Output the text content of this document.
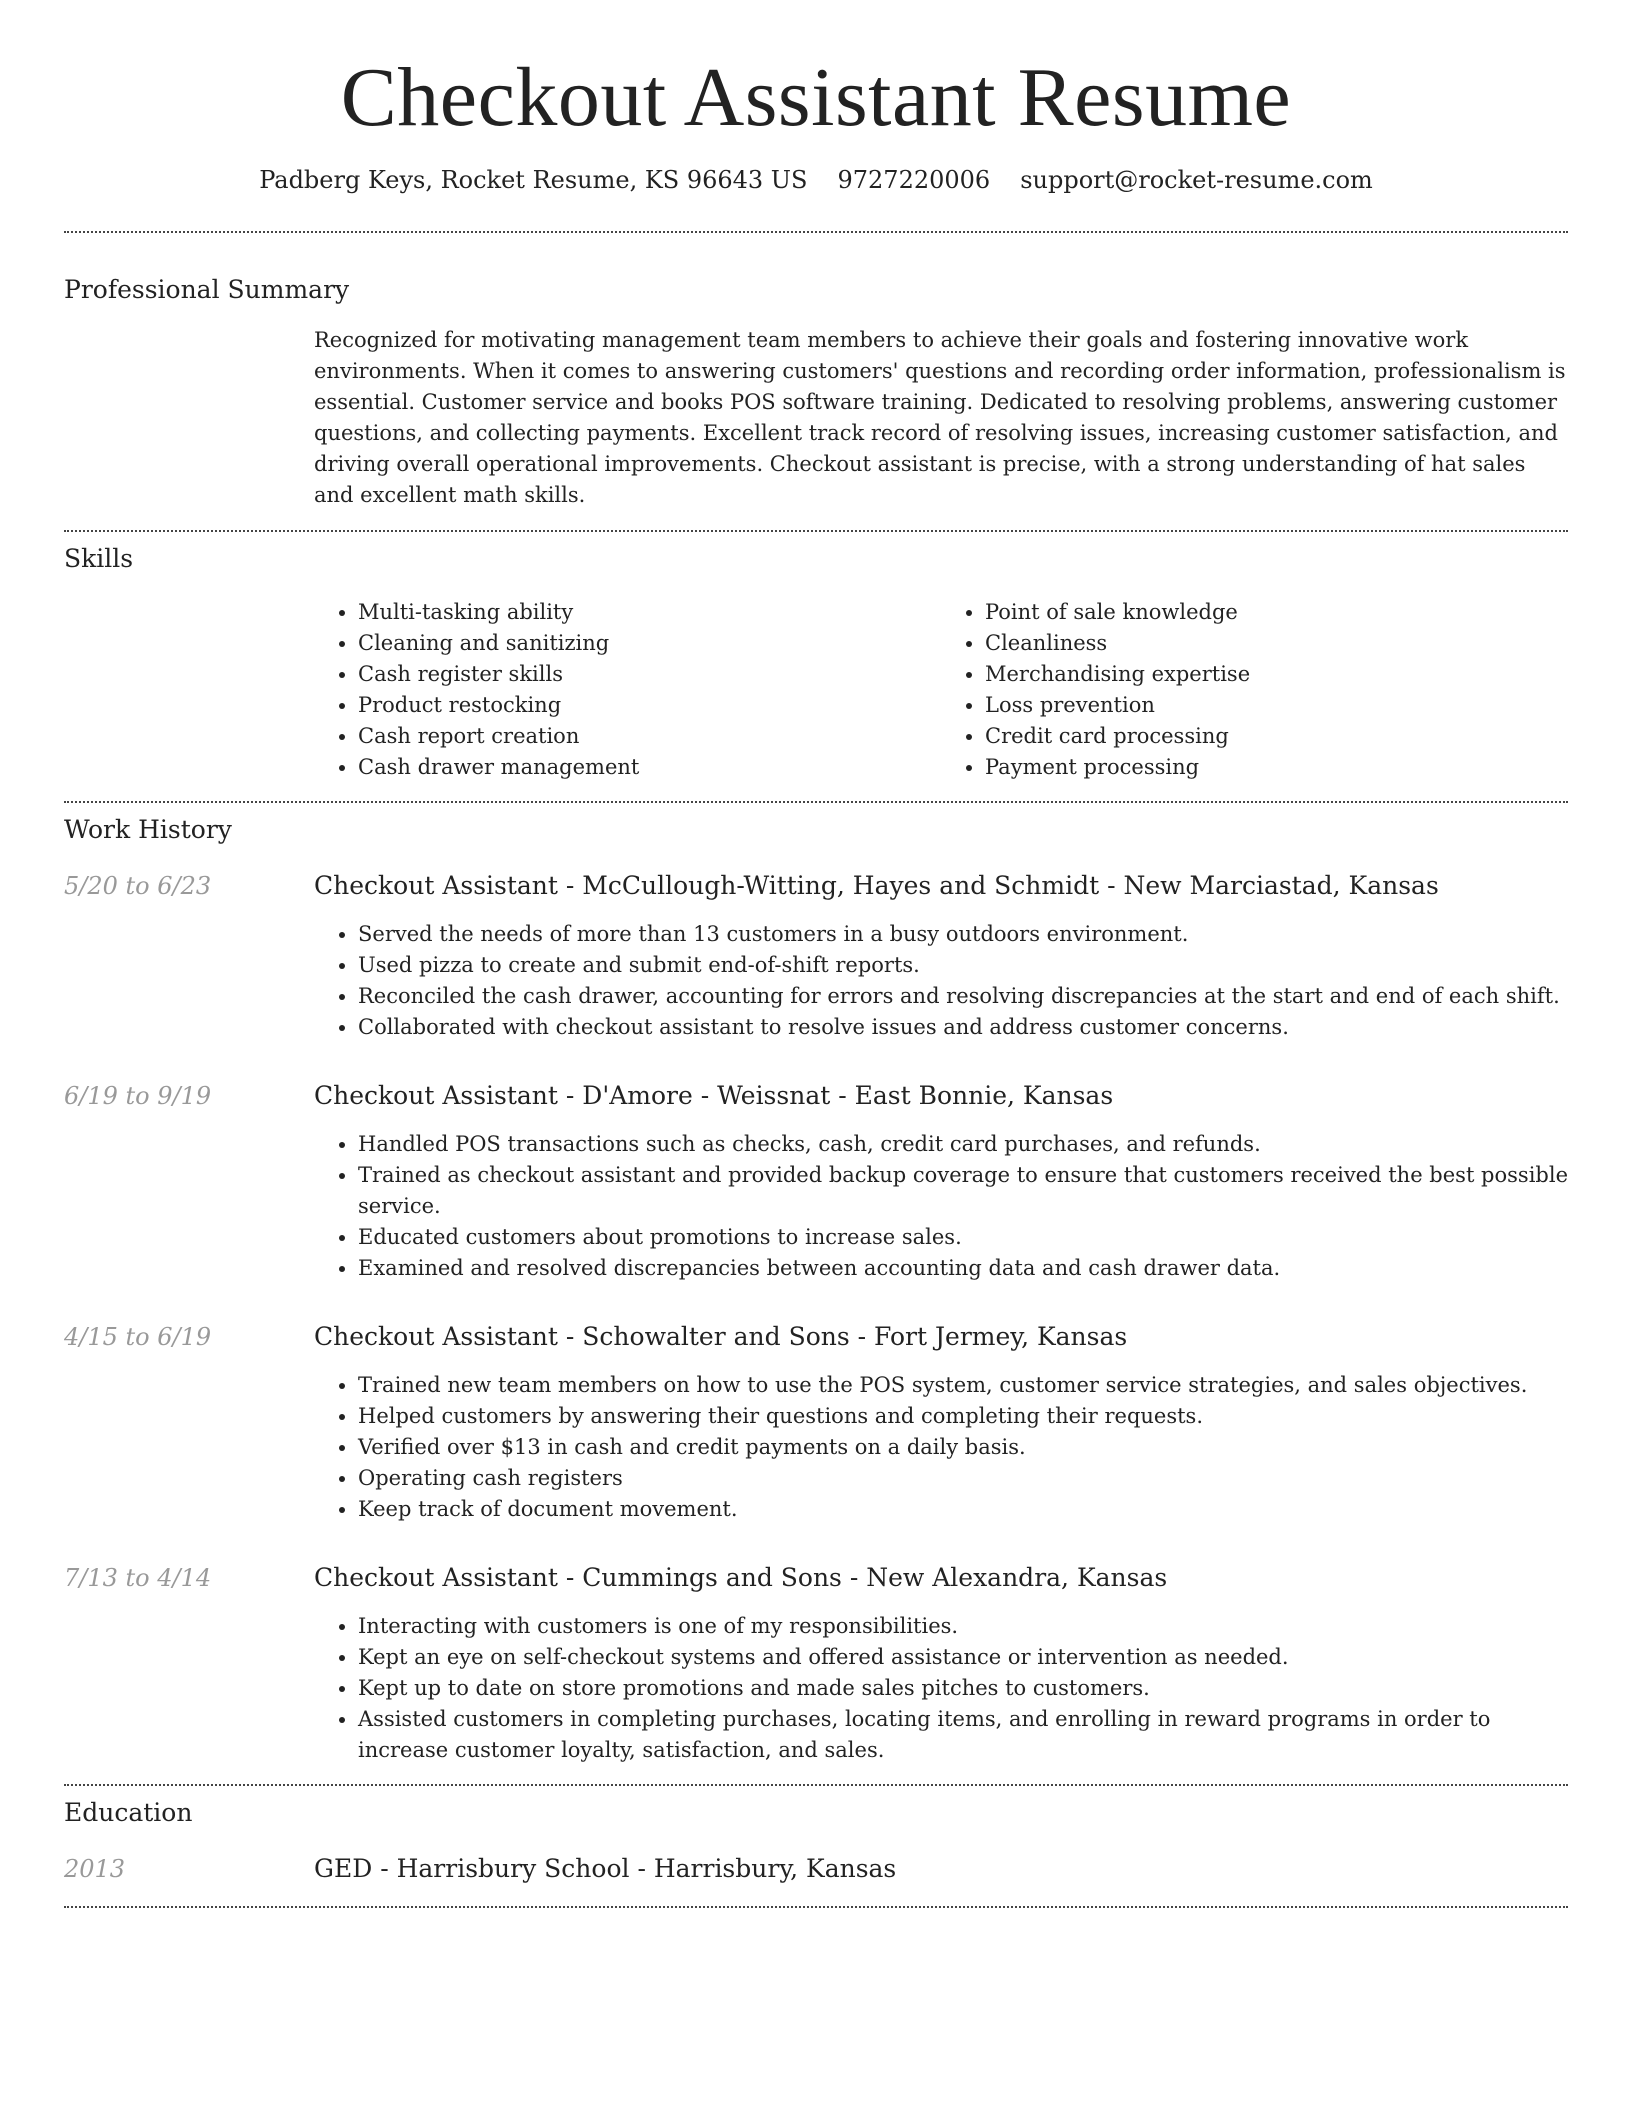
Checkout Assistant Resume
Padberg Keys, Rocket Resume, KS 96643 US 9727220006 support@rocket-resume.com
Professional Summary

Recognized for motivating management team members to achieve their goals and fostering innovative work environments. When it comes to answering customers' questions and recording order information, professionalism is essential. Customer service and books POS software training. Dedicated to resolving problems, answering customer questions, and collecting payments. Excellent track record of resolving issues, increasing customer satisfaction, and driving overall operational improvements. Checkout assistant is precise, with a strong understanding of hat sales and excellent math skills.

Skills
• Multi-tasking ability
• Cleaning and sanitizing
• Cash register skills
• Product restocking
• Cash report creation
• Cash drawer management
• Point of sale knowledge
• Cleanliness
• Merchandising expertise
• Loss prevention
• Credit card processing
• Payment processing
Work History
5/20 to 6/23	Checkout Assistant - McCullough-Witting, Hayes and Schmidt - New Marciastad, Kansas
• Served the needs of more than 13 customers in a busy outdoors environment.
• Used pizza to create and submit end-of-shift reports.
• Reconciled the cash drawer, accounting for errors and resolving discrepancies at the start and end of each shift.
• Collaborated with checkout assistant to resolve issues and address customer concerns.
6/19 to 9/19	Checkout Assistant - D'Amore - Weissnat - East Bonnie, Kansas
• Handled POS transactions such as checks, cash, credit card purchases, and refunds.
• Trained as checkout assistant and provided backup coverage to ensure that customers received the best possible service.
• Educated customers about promotions to increase sales.
• Examined and resolved discrepancies between accounting data and cash drawer data.
4/15 to 6/19	Checkout Assistant - Schowalter and Sons - Fort Jermey, Kansas
• Trained new team members on how to use the POS system, customer service strategies, and sales objectives.
• Helped customers by answering their questions and completing their requests.
• Verified over $13 in cash and credit payments on a daily basis.
• Operating cash registers
• Keep track of document movement.
7/13 to 4/14	Checkout Assistant - Cummings and Sons - New Alexandra, Kansas
• Interacting with customers is one of my responsibilities.
• Kept an eye on self-checkout systems and offered assistance or intervention as needed.
• Kept up to date on store promotions and made sales pitches to customers.
• Assisted customers in completing purchases, locating items, and enrolling in reward programs in order to increase customer loyalty, satisfaction, and sales.
Education
2013	GED - Harrisbury School - Harrisbury, Kansas
